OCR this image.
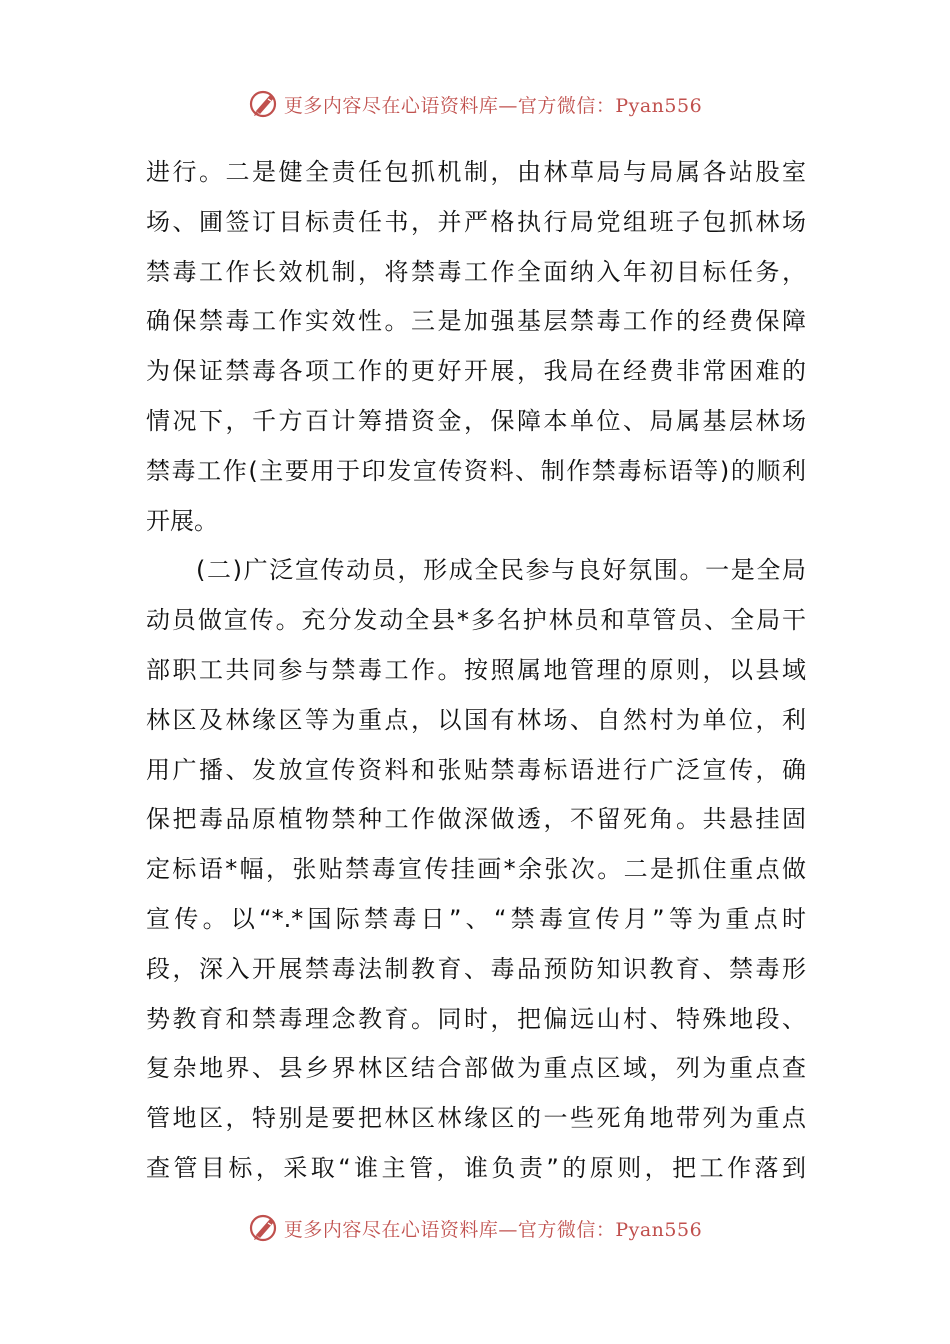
更多内容尽在心语资料库—官方微信：Pyan556
进行。二是健全责任包抓机制，由林草局与局属各站股室
场、圃签订目标责任书，并严格执行局党组班子包抓林场
禁毒工作长效机制，将禁毒工作全面纳入年初目标任务，
确保禁毒工作实效性。三是加强基层禁毒工作的经费保障
为保证禁毒各项工作的更好开展，我局在经费非常困难的
情况下，千方百计筹措资金，保障本单位、局属基层林场
禁毒工作(主要用于印发宣传资料、制作禁毒标语等)的顺利
开展。
(二)广泛宣传动员，形成全民参与良好氛围。一是全局
动员做宣传。充分发动全县*多名护林员和草管员、全局干
部职工共同参与禁毒工作。按照属地管理的原则，以县域
林区及林缘区等为重点，以国有林场、自然村为单位，利
用广播、发放宣传资料和张贴禁毒标语进行广泛宣传，确
保把毒品原植物禁种工作做深做透，不留死角。共悬挂固
定标语*幅，张贴禁毒宣传挂画*余张次。二是抓住重点做
宣传。以“*.*国际禁毒日”、“禁毒宣传月”等为重点时
段，深入开展禁毒法制教育、毒品预防知识教育、禁毒形
势教育和禁毒理念教育。同时，把偏远山村、特殊地段、
复杂地界、县乡界林区结合部做为重点区域，列为重点查
管地区，特别是要把林区林缘区的一些死角地带列为重点
查管目标，采取“谁主管，谁负责”的原则，把工作落到
更多内容尽在心语资料库—官方微信：Pyan556
